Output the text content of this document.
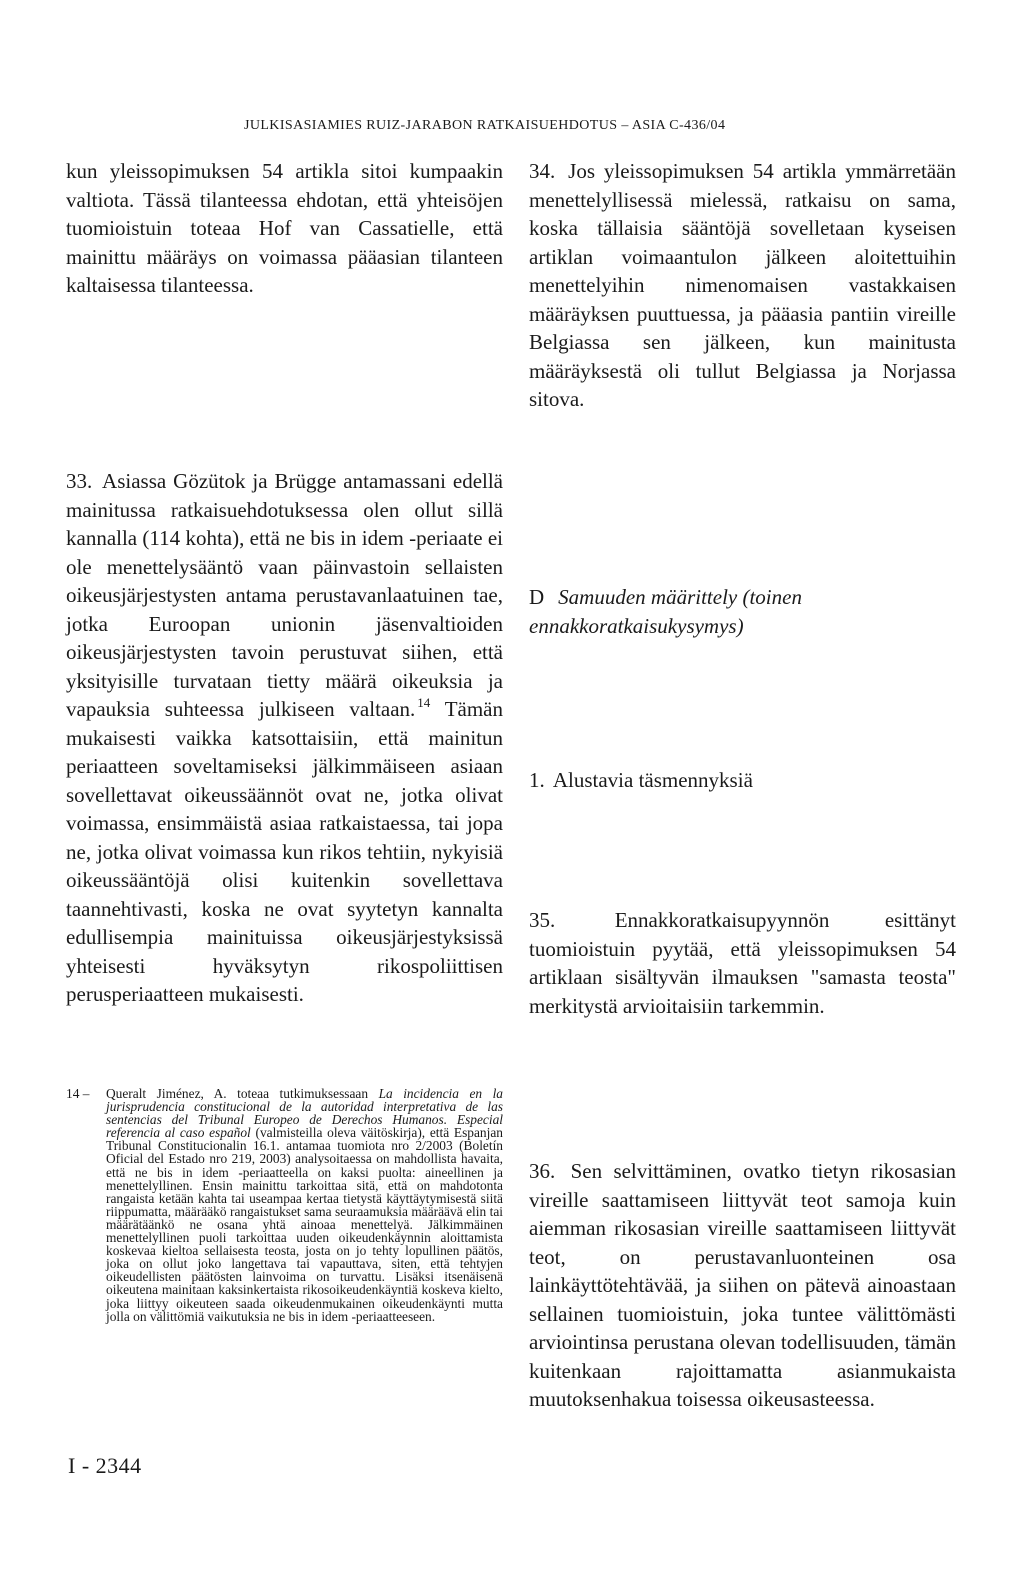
JULKISASIAMIES RUIZ-JARABON RATKAISUEHDOTUS – ASIA C-436/04

kun yleissopimuksen 54 artikla sitoi kumpaakin valtiota. Tässä tilanteessa ehdotan, että yhteisöjen tuomioistuin toteaa Hof van Cassatielle, että mainittu määräys on voimassa pääasian tilanteen kaltaisessa tilanteessa.

33. Asiassa Gözütok ja Brügge antamassani edellä mainitussa ratkaisuehdotuksessa olen ollut sillä kannalla (114 kohta), että ne bis in idem -periaate ei ole menettelysääntö vaan päinvastoin sellaisten oikeusjärjestysten antama perustavanlaatuinen tae, jotka Euroopan unionin jäsenvaltioiden oikeusjärjestysten tavoin perustuvat siihen, että yksityisille turvataan tietty määrä oikeuksia ja vapauksia suhteessa julkiseen valtaan. $^{14}$ Tämän mukaisesti vaikka katsottaisiin, että mainitun periaatteen soveltamiseksi jälkimmäiseen asiaan sovellettavat oikeussäännöt ovat ne, jotka olivat voimassa, ensimmäistä asiaa ratkaistaessa, tai jopa ne, jotka olivat voimassa kun rikos tehtiin, nykyisiä oikeussääntöjä olisi kuitenkin sovellettava taannehtivasti, koska ne ovat syytetyn kannalta edullisempia mainituissa oikeusjärjestyksissä yhteisesti hyväksytyn rikospoliittisen perusperiaatteen mukaisesti.

34. Jos yleissopimuksen 54 artikla ymmärretään menettelyllisessä mielessä, ratkaisu on sama, koska tällaisia sääntöjä sovelletaan kyseisen artiklan voimaantulon jälkeen aloitettuihin menettelyihin nimenomaisen vastakkaisen määräyksen puuttuessa, ja pääasia pantiin vireille Belgiassa sen jälkeen, kun mainitusta määräyksestä oli tullut Belgiassa ja Norjassa sitova.

D Samuuden määrittely (toinen ennakkoratkaisukysymys)

1. Alustavia täsmennyksiä

35.	Ennakkoratkaisupyynnön esittänyt tuomioistuin pyytää, että yleissopimuksen 54 artiklaan sisältyvän ilmauksen "samasta teosta" merkitystä arvioitaisiin tarkemmin.

36. Sen selvittäminen, ovatko tietyn rikosasian vireille saattamiseen liittyvät teot samoja kuin aiemman rikosasian vireille saattamiseen liittyvät teot, on perustavanluonteinen osa lainkäyttötehtävää, ja siihen on pätevä ainoastaan sellainen tuomioistuin, joka tuntee välittömästi arviointinsa perustana olevan todellisuuden, tämän kuitenkaan rajoittamatta asianmukaista muutoksenhakua toisessa oikeusasteessa.

14 – Queralt Jiménez, A. toteaa tutkimuksessaan La incidencia en la jurisprudencia constitucional de la autoridad interpretativa de las sentencias del Tribunal Europeo de Derechos Humanos. Especial referencia al caso español (valmisteilla oleva väitöskirja), että Espanjan Tribunal Constitucionalin 16.1. antamaa tuomiota nro 2/2003 (Boletín Oficial del Estado nro 219, 2003) analysoitaessa on mahdollista havaita, että ne bis in idem -periaatteella on kaksi puolta: aineellinen ja menettelyllinen. Ensin mainittu tarkoittaa sitä, että on mahdotonta rangaista ketään kahta tai useampaa kertaa tietystä käyttäytymisestä siitä riippumatta, määrääkö rangaistukset sama seuraamuksia määräävä elin tai määrätäänkö ne osana yhtä ainoaa menettelyä. Jälkimmäinen menettelyllinen puoli tarkoittaa uuden oikeudenkäynnin aloittamista koskevaa kieltoa sellaisesta teosta, josta on jo tehty lopullinen päätös, joka on ollut joko langettava tai vapauttava, siten, että tehtyjen oikeudellisten päätösten lainvoima on turvattu. Lisäksi itsenäisenä oikeutena mainitaan kaksinkertaista rikosoikeudenkäyntiä koskeva kielto, joka liittyy oikeuteen saada oikeudenmukainen oikeudenkäynti mutta jolla on välittömiä vaikutuksia ne bis in idem -periaatteeseen.
I - 2344
